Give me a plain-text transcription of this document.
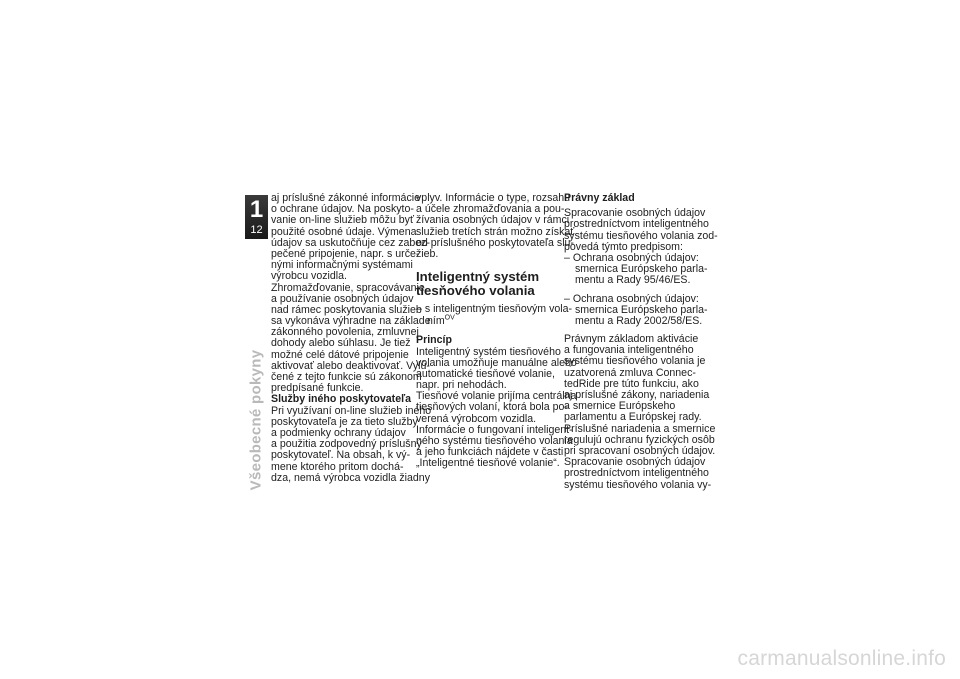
1
12
Všeobecné pokyny
aj príslušné zákonné informácie
o ochrane údajov. Na poskyto-
vanie on-line služieb môžu byť
použité osobné údaje. Výmena
údajov sa uskutočňuje cez zabez-
pečené pripojenie, napr. s urče-
nými informačnými systémami
výrobcu vozidla.
Zhromažďovanie, spracovávanie
a používanie osobných údajov
nad rámec poskytovania služieb
sa vykonáva výhradne na základe
zákonného povolenia, zmluvnej
dohody alebo súhlasu. Je tiež
možné celé dátové pripojenie
aktivovať alebo deaktivovať. Vylú-
čené z tejto funkcie sú zákonom
predpísané funkcie.
Služby iného poskytovateľa
Pri využívaní on-line služieb iného
poskytovateľa je za tieto služby
a podmienky ochrany údajov
a použitia zodpovedný príslušný
poskytovateľ. Na obsah, k vý-
mene ktorého pritom dochá-
dza, nemá výrobca vozidla žiadny
vplyv. Informácie o type, rozsahu
a účele zhromažďovania a pou-
žívania osobných údajov v rámci
služieb tretích strán možno získať
od príslušného poskytovateľa slu-
žieb.
Inteligentný systém
tiesňového volania
– s inteligentným tiesňovým vola-
ním$^{OV}$
Princíp
Inteligentný systém tiesňového
volania umožňuje manuálne alebo
automatické tiesňové volanie,
napr. pri nehodách.
Tiesňové volanie prijíma centrálna
tiesňových volaní, ktorá bola po-
verená výrobcom vozidla.
Informácie o fungovaní inteligent-
ného systému tiesňového volania
a jeho funkciách nájdete v časti
„Inteligentné tiesňové volanie“.
Právny základ
Spracovanie osobných údajov
prostredníctvom inteligentného
systému tiesňového volania zod-
povedá týmto predpisom:
– Ochrana osobných údajov:
smernica Európskeho parla-
mentu a Rady 95/46/ES.
– Ochrana osobných údajov:
smernica Európskeho parla-
mentu a Rady 2002/58/ES.
Právnym základom aktivácie
a fungovania inteligentného
systému tiesňového volania je
uzatvorená zmluva Connec-
tedRide pre túto funkciu, ako
aj príslušné zákony, nariadenia
a smernice Európskeho
parlamentu a Európskej rady.
Príslušné nariadenia a smernice
regulujú ochranu fyzických osôb
pri spracovaní osobných údajov.
Spracovanie osobných údajov
prostredníctvom inteligentného
systému tiesňového volania vy-
carmanualsonline.info
